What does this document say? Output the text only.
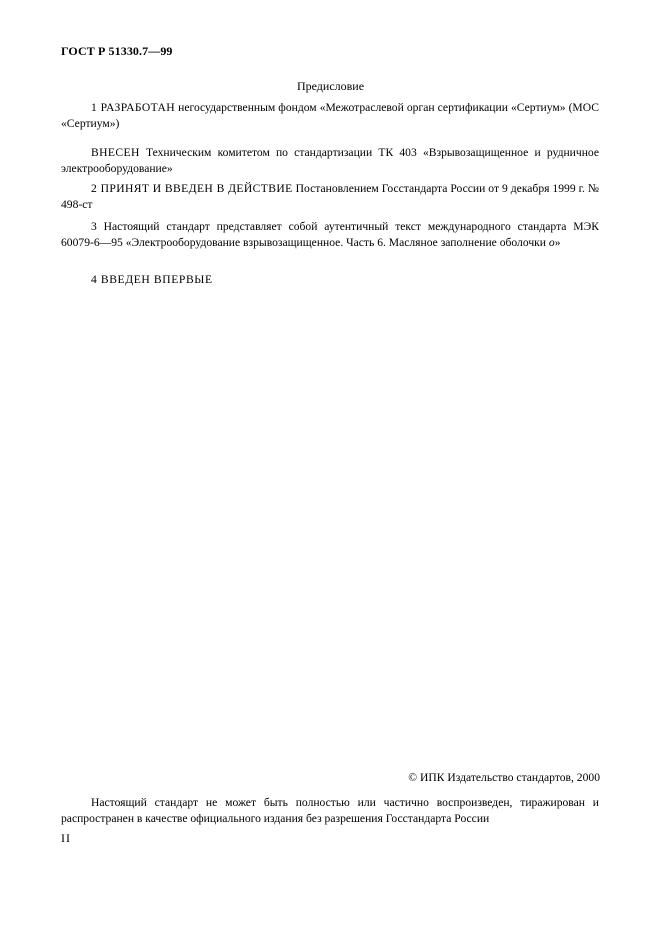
ГОСТ Р 51330.7—99
Предисловие

1 РАЗРАБОТАН негосударственным фондом «Межотраслевой орган сертификации «Сертиум» (МОС «Сертиум»)

ВНЕСЕН Техническим комитетом по стандартизации ТК 403 «Взрывозащищенное и рудничное электрооборудование»

2 ПРИНЯТ И ВВЕДЕН В ДЕЙСТВИЕ Постановлением Госстандарта России от 9 декабря 1999 г. № 498-ст

3 Настоящий стандарт представляет собой аутентичный текст международного стандарта МЭК 60079-6—95 «Электрооборудование взрывозащищенное. Часть 6. Масляное заполнение оболочки o»

4 ВВЕДЕН ВПЕРВЫЕ

© ИПК Издательство стандартов, 2000

Настоящий стандарт не может быть полностью или частично воспроизведен, тиражирован и распространен в качестве официального издания без разрешения Госстандарта России

II
